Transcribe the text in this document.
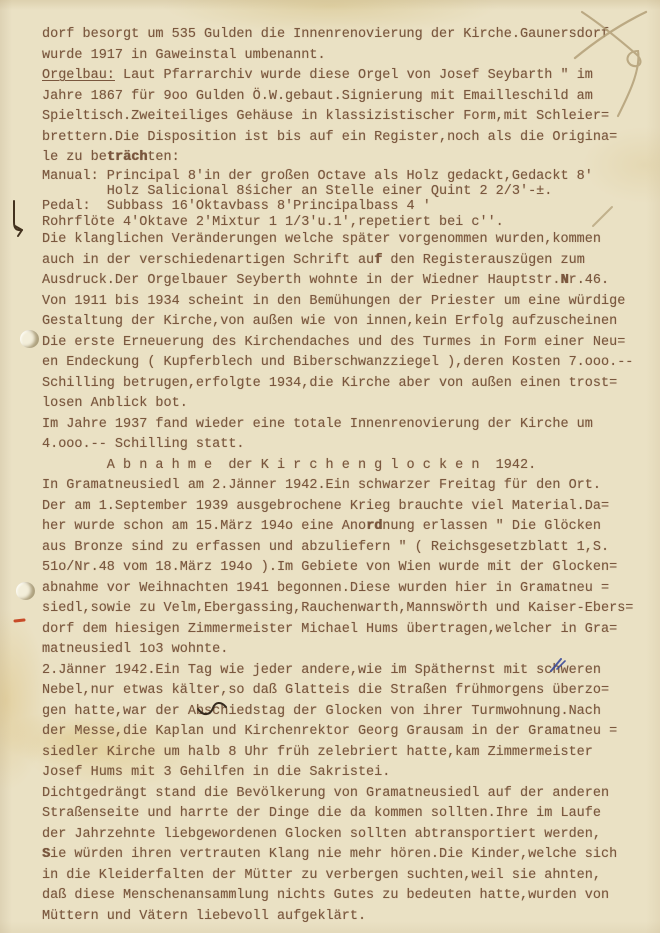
dorf besorgt um 535 Gulden die Innenrenovierung der Kirche.Gaunersdorf
wurde 1917 in Gaweinstal umbenannt.
Orgelbau: Laut Pfarrarchiv wurde diese Orgel von Josef Seybarth " im
Jahre 1867 für 9oo Gulden Ö.W.gebaut.Signierung mit Emailleschild am
Spieltisch.Zweiteiliges Gehäuse in klassizistischer Form,mit Schleier=
brettern.Die Disposition ist bis auf ein Register,noch als die Origina=
le zu beträchten:
Manual: Principal 8'in der großen Octave als Holz gedackt,Gedackt 8'
Holz Salicional 8śicher an Stelle einer Quint 2 2/3'-±.
Pedal:  Subbass 16'Oktavbass 8'Principalbass 4 '
Rohrflöte 4'Oktave 2'Mixtur 1 1/3'u.1',repetiert bei c''.
Die klanglichen Veränderungen welche später vorgenommen wurden,kommen
auch in der verschiedenartigen Schrift auf den Registerauszügen zum
Ausdruck.Der Orgelbauer Seyberth wohnte in der Wiedner Hauptstr.Nr.46.
Von 1911 bis 1934 scheint in den Bemühungen der Priester um eine würdige
Gestaltung der Kirche,von außen wie von innen,kein Erfolg aufzuscheinen
Die erste Erneuerung des Kirchendaches und des Turmes in Form einer Neu=
en Endeckung ( Kupferblech und Biberschwanzziegel ),deren Kosten 7.ooo.--
Schilling betrugen,erfolgte 1934,die Kirche aber von außen einen trost=
losen Anblick bot.
Im Jahre 1937 fand wieder eine totale Innenrenovierung der Kirche um
4.ooo.-- Schilling statt.
A b n a h m e  der K i r c h e n g l o c k e n  1942.
In Gramatneusiedl am 2.Jänner 1942.Ein schwarzer Freitag für den Ort.
Der am 1.September 1939 ausgebrochene Krieg brauchte viel Material.Da=
her wurde schon am 15.März 194o eine Anordnung erlassen " Die Glöcken
aus Bronze sind zu erfassen und abzuliefern " ( Reichsgesetzblatt 1,S.
51o/Nr.48 vom 18.März 194o ).Im Gebiete von Wien wurde mit der Glocken=
abnahme vor Weihnachten 1941 begonnen.Diese wurden hier in Gramatneu =
siedl,sowie zu Velm,Ebergassing,Rauchenwarth,Mannswörth und Kaiser-Ebers=
dorf dem hiesigen Zimmermeister Michael Hums übertragen,welcher in Gra=
matneusiedl 1o3 wohnte.
2.Jänner 1942.Ein Tag wie jeder andere,wie im Späthernst mit schweren
Nebel,nur etwas kälter,so daß Glatteis die Straßen frühmorgens überzo=
gen hatte,war der Abschiedstag der Glocken von ihrer Turmwohnung.Nach
der Messe,die Kaplan und Kirchenrektor Georg Grausam in der Gramatneu =
siedler Kirche um halb 8 Uhr früh zelebriert hatte,kam Zimmermeister
Josef Hums mit 3 Gehilfen in die Sakristei.
Dichtgedrängt stand die Bevölkerung von Gramatneusiedl auf der anderen
Straßenseite und harrte der Dinge die da kommen sollten.Ihre im Laufe
der Jahrzehnte liebgewordenen Glocken sollten abtransportiert werden,
Sie würden ihren vertrauten Klang nie mehr hören.Die Kinder,welche sich
in die Kleiderfalten der Mütter zu verbergen suchten,weil sie ahnten,
daß diese Menschenansammlung nichts Gutes zu bedeuten hatte,wurden von
Müttern und Vätern liebevoll aufgeklärt.
